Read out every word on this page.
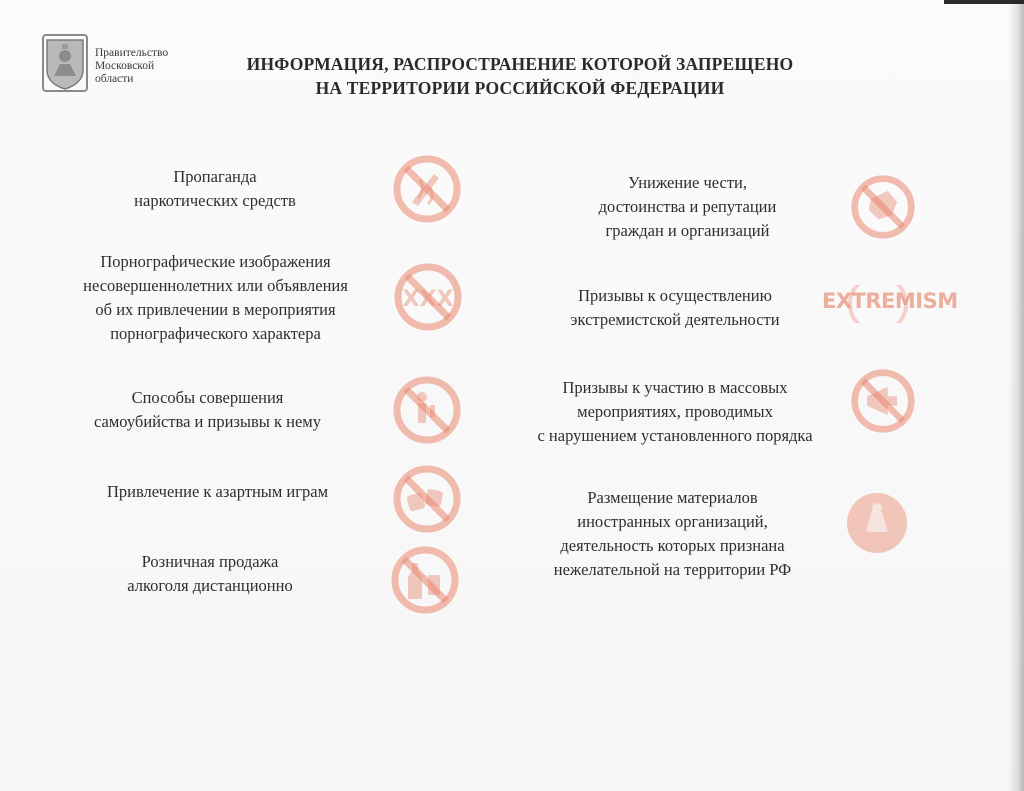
Правительство
Московской
области
ИНФОРМАЦИЯ, РАСПРОСТРАНЕНИЕ КОТОРОЙ ЗАПРЕЩЕНО
НА ТЕРРИТОРИИ РОССИЙСКОЙ ФЕДЕРАЦИИ
Пропаганда
наркотических средств
Порнографические изображения
несовершеннолетних или объявления
об их привлечении в мероприятия
порнографического характера
XXX
Способы совершения
самоубийства и призывы к нему
Привлечение к азартным играм
Розничная продажа
алкоголя дистанционно
Унижение чести,
достоинства и репутации
граждан и организаций
Призывы к осуществлению
экстремистской деятельности
EXTREMISM
Призывы к участию в массовых
мероприятиях, проводимых
с нарушением установленного порядка
Размещение материалов
иностранных организаций,
деятельность которых признана
нежелательной на территории РФ
